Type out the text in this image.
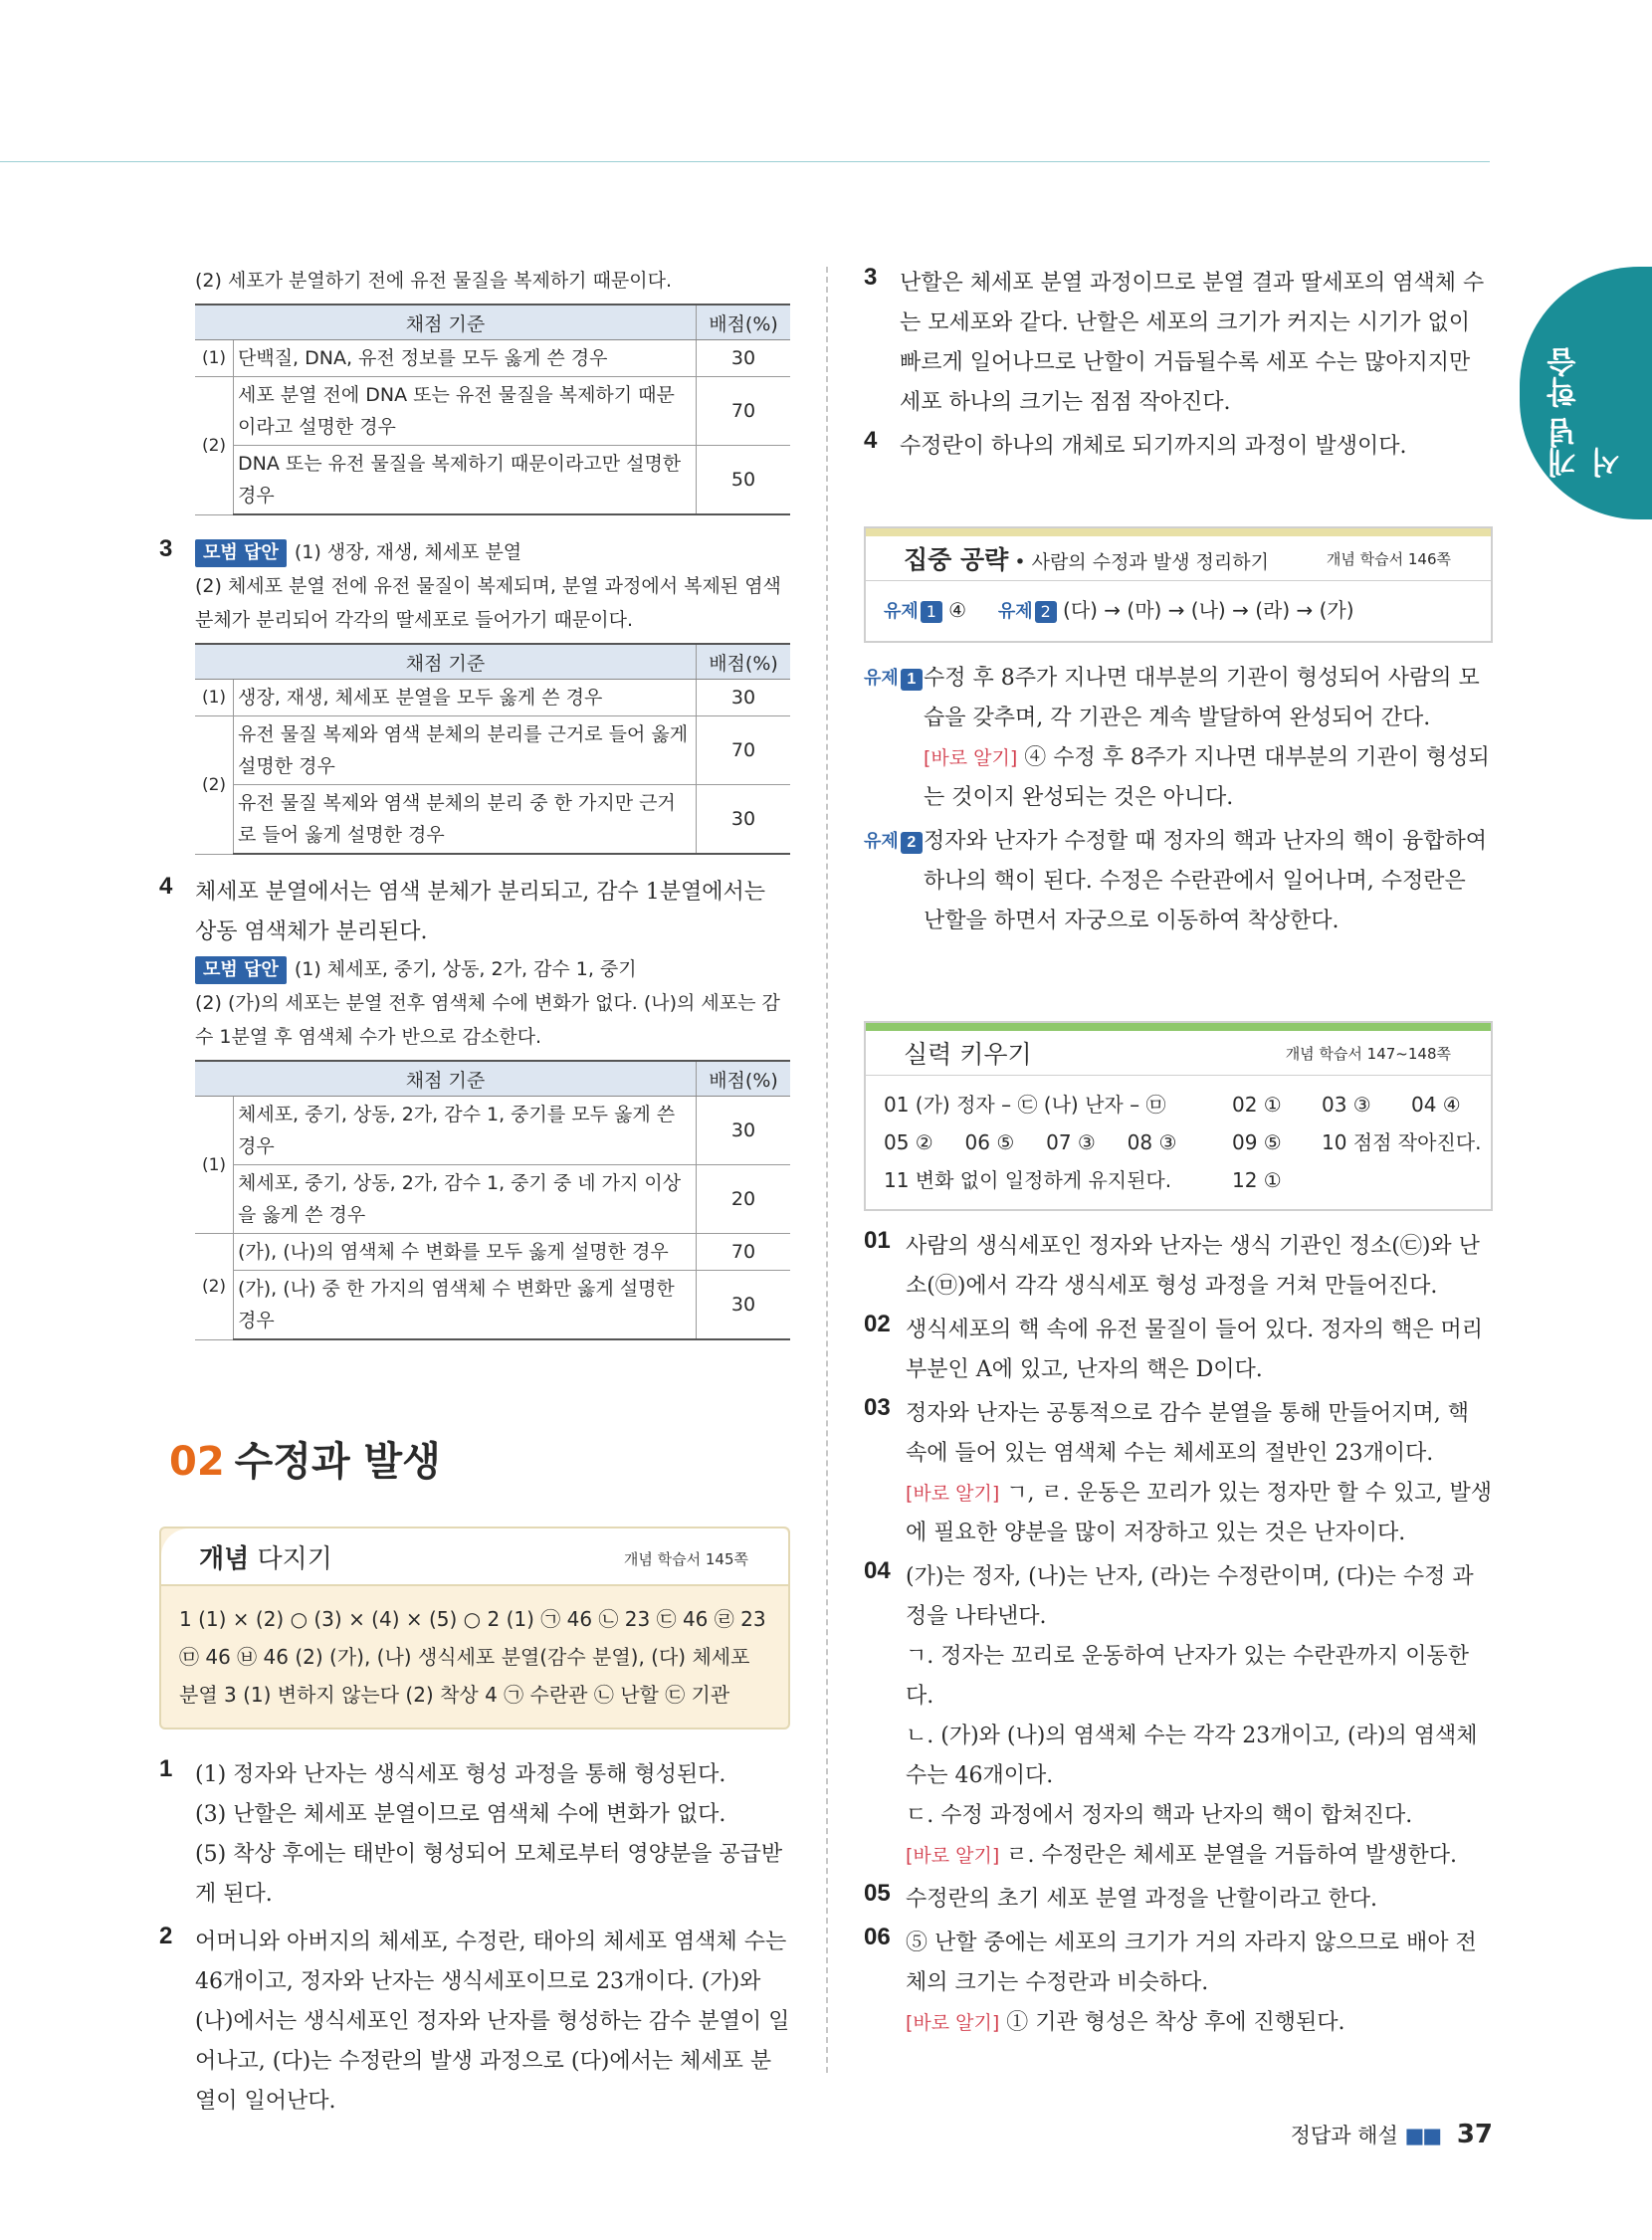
개념 학습서

(2) 세포가 분열하기 전에 유전 물질을 복제하기 때문이다.

채점 기준		배점(%)
(1)	단백질, DNA, 유전 정보를 모두 옳게 쓴 경우	30
(2)	세포 분열 전에 DNA 또는 유전 물질을 복제하기 때문이라고 설명한 경우	70
	DNA 또는 유전 물질을 복제하기 때문이라고만 설명한 경우	50
3	모범 답안 (1) 생장, 재생, 체세포 분열

(2) 체세포 분열 전에 유전 물질이 복제되며, 분열 과정에서 복제된 염색 분체가 분리되어 각각의 딸세포로 들어가기 때문이다.

채점 기준		배점(%)
(1)	생장, 재생, 체세포 분열을 모두 옳게 쓴 경우	30
(2)	유전 물질 복제와 염색 분체의 분리를 근거로 들어 옳게 설명한 경우	70
	유전 물질 복제와 염색 분체의 분리 중 한 가지만 근거로 들어 옳게 설명한 경우	30
4 체세포 분열에서는 염색 분체가 분리되고, 감수 1분열에서는 상동 염색체가 분리된다.

모범 답안 (1) 체세포, 중기, 상동, 2가, 감수 1, 중기

(2) (가)의 세포는 분열 전후 염색체 수에 변화가 없다. (나)의 세포는 감수 1분열 후 염색체 수가 반으로 감소한다.

채점 기준		배점(%)
(1)	체세포, 중기, 상동, 2가, 감수 1, 중기를 모두 옳게 쓴 경우	30
	체세포, 중기, 상동, 2가, 감수 1, 중기 중 네 가지 이상을 옳게 쓴 경우	20
(2)	(가), (나)의 염색체 수 변화를 모두 옳게 설명한 경우	70
	(가), (나) 중 한 가지의 염색체 수 변화만 옳게 설명한 경우	30
02 수정과 발생
개념 다지기	개념 학습서 145쪽
1 (1) × (2) ○ (3) × (4) × (5) ○ 2 (1) ㉠ 46 ㉡ 23 ㉢ 46 ㉣ 23 ㉤ 46 ㉥ 46 (2) (가), (나) 생식세포 분열(감수 분열), (다) 체세포 분열 3 (1) 변하지 않는다 (2) 착상 4 ㉠ 수란관 ㉡ 난할 ㉢ 기관
1 (1) 정자와 난자는 생식세포 형성 과정을 통해 형성된다.

(3) 난할은 체세포 분열이므로 염색체 수에 변화가 없다.

(5) 착상 후에는 태반이 형성되어 모체로부터 영양분을 공급받게 된다.

2 어머니와 아버지의 체세포, 수정란, 태아의 체세포 염색체 수는 46개이고, 정자와 난자는 생식세포이므로 23개이다. (가)와 (나)에서는 생식세포인 정자와 난자를 형성하는 감수 분열이 일어나고, (다)는 수정란의 발생 과정으로 (다)에서는 체세포 분열이 일어난다.

3 난할은 체세포 분열 과정이므로 분열 결과 딸세포의 염색체 수는 모세포와 같다. 난할은 세포의 크기가 커지는 시기가 없이 빠르게 일어나므로 난할이 거듭될수록 세포 수는 많아지지만 세포 하나의 크기는 점점 작아진다.

4 수정란이 하나의 개체로 되기까지의 과정이 발생이다.

집중 공략 • 사람의 수정과 발생 정리하기	개념 학습서 146쪽
유제 1 ④ 유제 2 (다) → (마) → (나) → (라) → (가)
유제 1 수정 후 8주가 지나면 대부분의 기관이 형성되어 사람의 모습을 갖추며, 각 기관은 계속 발달하여 완성되어 간다.

[바로 알기] ④ 수정 후 8주가 지나면 대부분의 기관이 형성되는 것이지 완성되는 것은 아니다.

유제 2 정자와 난자가 수정할 때 정자의 핵과 난자의 핵이 융합하여 하나의 핵이 된다. 수정은 수란관에서 일어나며, 수정란은 난할을 하면서 자궁으로 이동하여 착상한다.

실력 키우기	개념 학습서 147~148쪽
01 (가) 정자 – ㉢ (나) 난자 – ㉤	02 ①	03 ③	04 ④
05 ② 06 ⑤ 07 ③ 08 ③	09 ⑤	10 점점 작아진다.
11 변화 없이 일정하게 유지된다.	12 ①
01 사람의 생식세포인 정자와 난자는 생식 기관인 정소(㉢)와 난소(㉤)에서 각각 생식세포 형성 과정을 거쳐 만들어진다.

02 생식세포의 핵 속에 유전 물질이 들어 있다. 정자의 핵은 머리 부분인 A에 있고, 난자의 핵은 D이다.

03 정자와 난자는 공통적으로 감수 분열을 통해 만들어지며, 핵 속에 들어 있는 염색체 수는 체세포의 절반인 23개이다.

[바로 알기] ㄱ, ㄹ. 운동은 꼬리가 있는 정자만 할 수 있고, 발생에 필요한 양분을 많이 저장하고 있는 것은 난자이다.

04 (가)는 정자, (나)는 난자, (라)는 수정란이며, (다)는 수정 과정을 나타낸다.

ㄱ. 정자는 꼬리로 운동하여 난자가 있는 수란관까지 이동한다.

ㄴ. (가)와 (나)의 염색체 수는 각각 23개이고, (라)의 염색체 수는 46개이다.

ㄷ. 수정 과정에서 정자의 핵과 난자의 핵이 합쳐진다.

[바로 알기] ㄹ. 수정란은 체세포 분열을 거듭하여 발생한다.

05 수정란의 초기 세포 분열 과정을 난할이라고 한다.

06 ⑤ 난할 중에는 세포의 크기가 거의 자라지 않으므로 배아 전체의 크기는 수정란과 비슷하다.

[바로 알기] ① 기관 형성은 착상 후에 진행된다.

정답과 해설 ■■ 37
